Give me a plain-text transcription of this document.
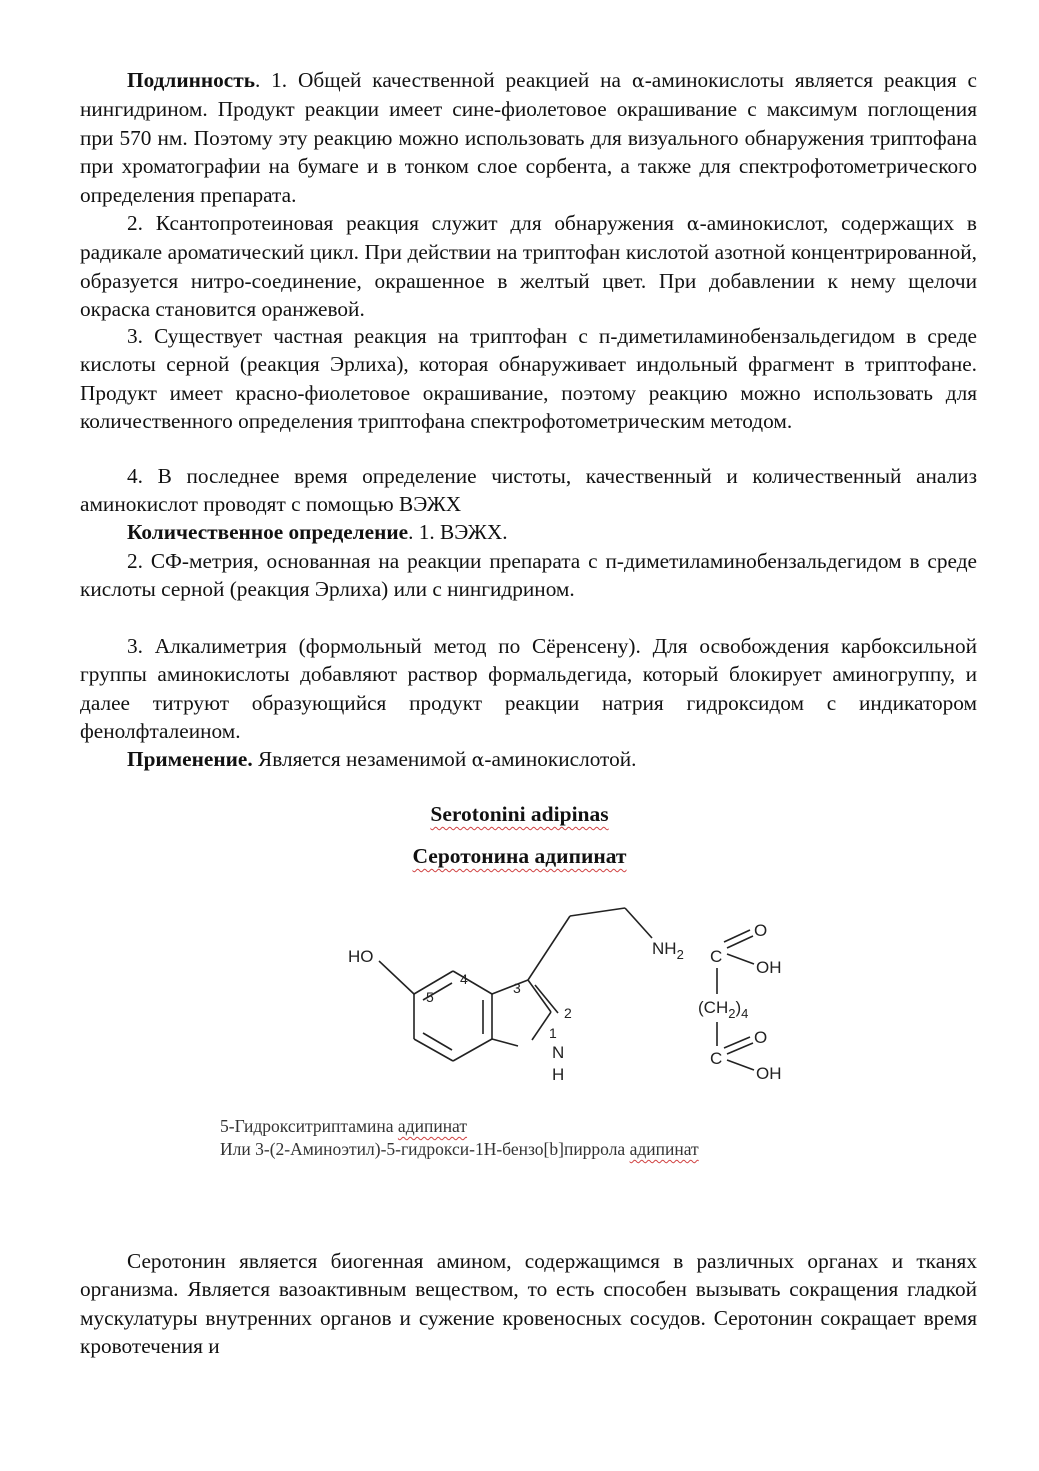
Подлинность. 1. Общей качественной реакцией на α-аминокислоты является реакция с нингидрином. Продукт реакции имеет сине-фиолетовое окрашивание с максимум поглощения при 570 нм. Поэтому эту реакцию можно использовать для визуального обнаружения триптофана при хроматографии на бумаге и в тонком слое сорбента, а также для спектрофотометрического определения препарата.

2. Ксантопротеиновая реакция служит для обнаружения α-аминокислот, содержащих в радикале ароматический цикл. При действии на триптофан кислотой азотной концентрированной, образуется нитро-соединение, окрашенное в желтый цвет. При добавлении к нему щелочи окраска становится оранжевой.

3. Существует частная реакция на триптофан с п-диметиламинобензальдегидом в среде кислоты серной (реакция Эрлиха), которая обнаруживает индольный фрагмент в триптофане. Продукт имеет красно-фиолетовое окрашивание, поэтому реакцию можно использовать для количественного определения триптофана спектрофотометрическим методом.

4. В последнее время определение чистоты, качественный и количественный анализ аминокислот проводят с помощью ВЭЖХ

Количественное определение. 1. ВЭЖХ.

2. СФ-метрия, основанная на реакции препарата с п-диметиламинобензальдегидом в среде кислоты серной (реакция Эрлиха) или с нингидрином.

3. Алкалиметрия (формольный метод по Сёренсену). Для освобождения карбоксильной группы аминокислоты добавляют раствор формальдегида, который блокирует аминогруппу, и далее титруют образующийся продукт реакции натрия гидроксидом с индикатором фенолфталеином.

Применение. Является незаменимой α-аминокислотой.

Serotonini adipinas

Серотонина адипинат

HO
4
5
3
2
1
N
H
$NH_2$ C
O
OH
$(CH_2)_4$
C
O
OH

5-Гидрокситриптамина адипинат

Или 3-(2-Аминоэтил)-5-гидрокси-1Н-бензо[b]пиррола адипинат

Серотонин является биогенная амином, содержащимся в различных органах и тканях организма. Является вазоактивным веществом, то есть способен вызывать сокращения гладкой мускулатуры внутренних органов и сужение кровеносных сосудов. Серотонин сокращает время кровотечения и
